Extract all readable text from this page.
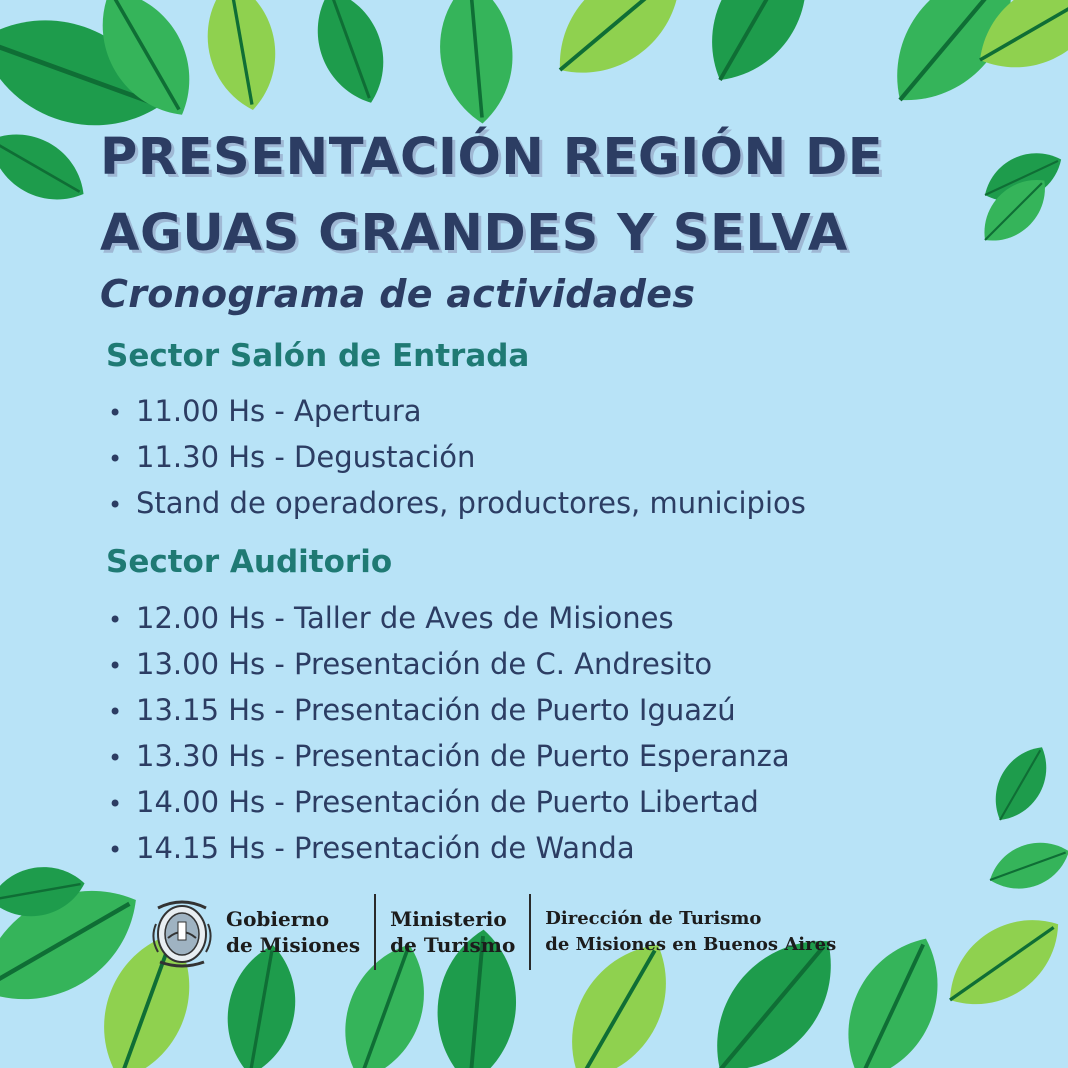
PRESENTACIÓN REGIÓN DE
AGUAS GRANDES Y SELVA
Cronograma de actividades
Sector Salón de Entrada
• 11.00 Hs - Apertura
• 11.30 Hs - Degustación
• Stand de operadores, productores, municipios
Sector Auditorio
• 12.00 Hs - Taller de Aves de Misiones
• 13.00 Hs - Presentación de C. Andresito
• 13.15 Hs - Presentación de Puerto Iguazú
• 13.30 Hs - Presentación de Puerto Esperanza
• 14.00 Hs - Presentación de Puerto Libertad
• 14.15 Hs - Presentación de Wanda
Gobierno
de Misiones
Ministerio
de Turismo
Dirección de Turismo
de Misiones en Buenos Aires
